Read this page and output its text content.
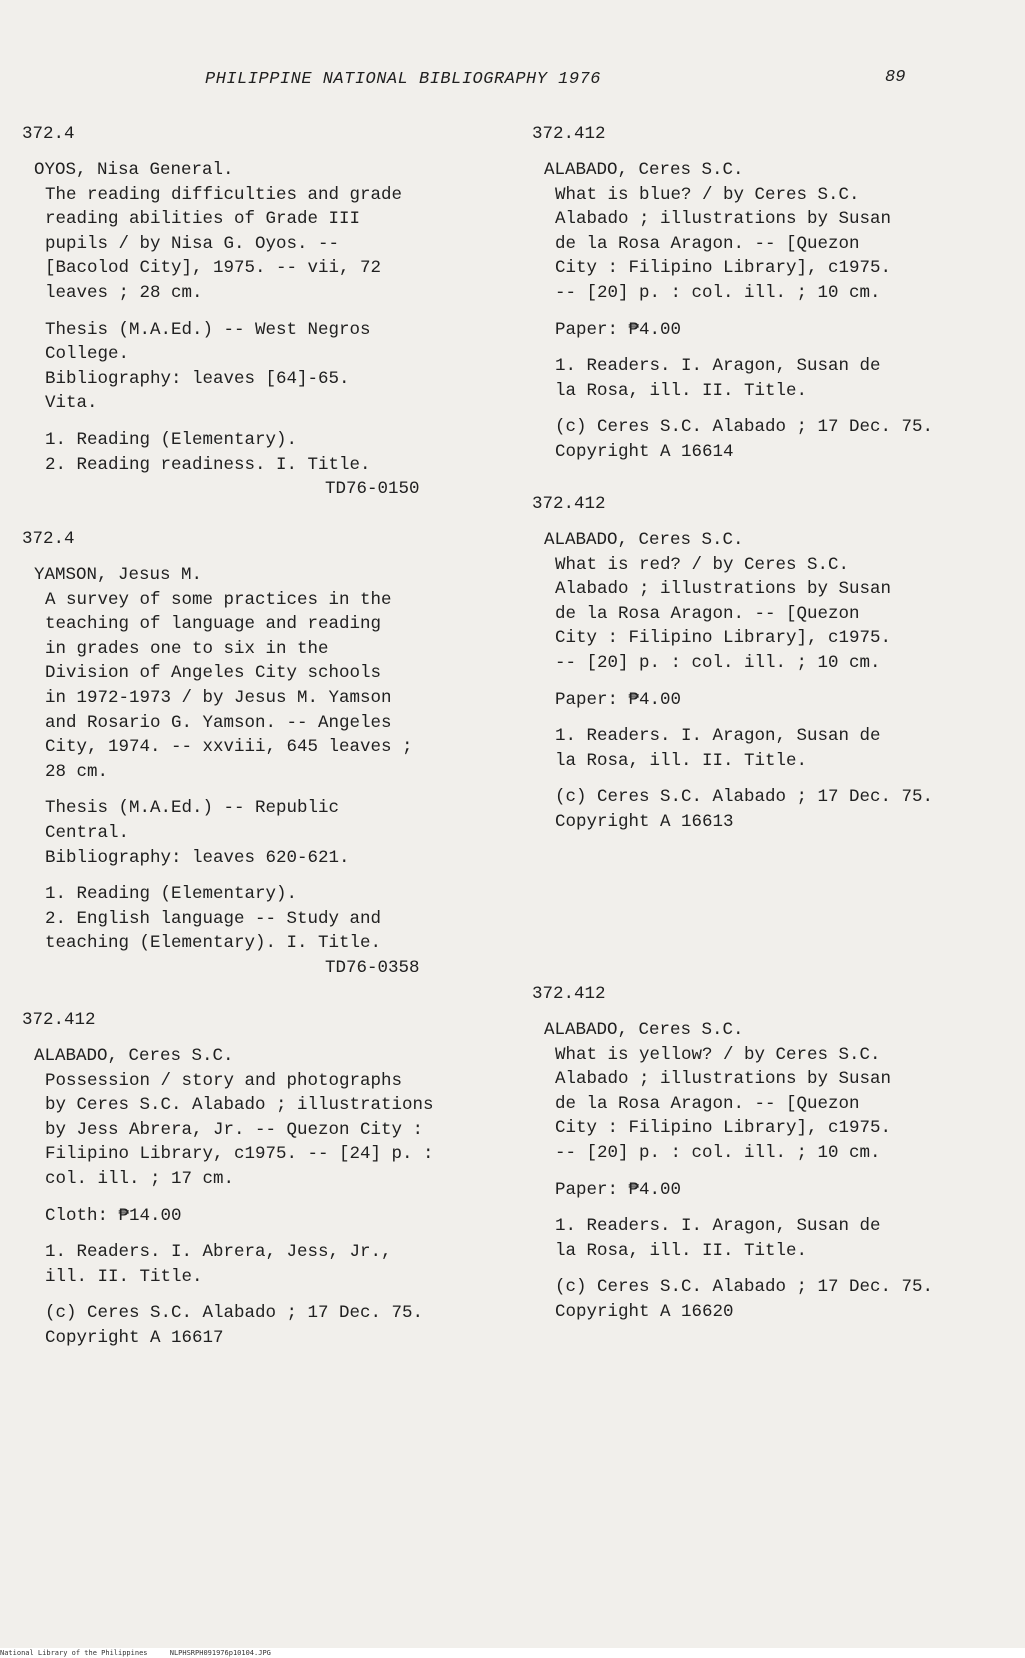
PHILIPPINE NATIONAL BIBLIOGRAPHY 1976	89
372.4
OYOS, Nisa General.
The reading difficulties and grade
reading abilities of Grade III
pupils / by Nisa G. Oyos. --
[Bacolod City], 1975. -- vii, 72
leaves ; 28 cm.
Thesis (M.A.Ed.) -- West Negros
College.
Bibliography: leaves [64]-65.
Vita.
1. Reading (Elementary).
2. Reading readiness. I. Title.
TD76-0150
372.4
YAMSON, Jesus M.
A survey of some practices in the
teaching of language and reading
in grades one to six in the
Division of Angeles City schools
in 1972-1973 / by Jesus M. Yamson
and Rosario G. Yamson. -- Angeles
City, 1974. -- xxviii, 645 leaves ;
28 cm.
Thesis (M.A.Ed.) -- Republic
Central.
Bibliography: leaves 620-621.
1. Reading (Elementary).
2. English language -- Study and
teaching (Elementary). I. Title.
TD76-0358
372.412
ALABADO, Ceres S.C.
Possession / story and photographs
by Ceres S.C. Alabado ; illustrations
by Jess Abrera, Jr. -- Quezon City :
Filipino Library, c1975. -- [24] p. :
col. ill. ; 17 cm.
Cloth: ₱14.00
1. Readers. I. Abrera, Jess, Jr.,
ill. II. Title.
(c) Ceres S.C. Alabado ; 17 Dec. 75.
Copyright A 16617
372.412
ALABADO, Ceres S.C.
What is blue? / by Ceres S.C.
Alabado ; illustrations by Susan
de la Rosa Aragon. -- [Quezon
City : Filipino Library], c1975.
-- [20] p. : col. ill. ; 10 cm.
Paper: ₱4.00
1. Readers. I. Aragon, Susan de
la Rosa, ill. II. Title.
(c) Ceres S.C. Alabado ; 17 Dec. 75.
Copyright A 16614
372.412
ALABADO, Ceres S.C.
What is red? / by Ceres S.C.
Alabado ; illustrations by Susan
de la Rosa Aragon. -- [Quezon
City : Filipino Library], c1975.
-- [20] p. : col. ill. ; 10 cm.
Paper: ₱4.00
1. Readers. I. Aragon, Susan de
la Rosa, ill. II. Title.
(c) Ceres S.C. Alabado ; 17 Dec. 75.
Copyright A 16613
372.412
ALABADO, Ceres S.C.
What is yellow? / by Ceres S.C.
Alabado ; illustrations by Susan
de la Rosa Aragon. -- [Quezon
City : Filipino Library], c1975.
-- [20] p. : col. ill. ; 10 cm.
Paper: ₱4.00
1. Readers. I. Aragon, Susan de
la Rosa, ill. II. Title.
(c) Ceres S.C. Alabado ; 17 Dec. 75.
Copyright A 16620
National Library of the Philippines	NLPHSRPH091976p10104.JPG
